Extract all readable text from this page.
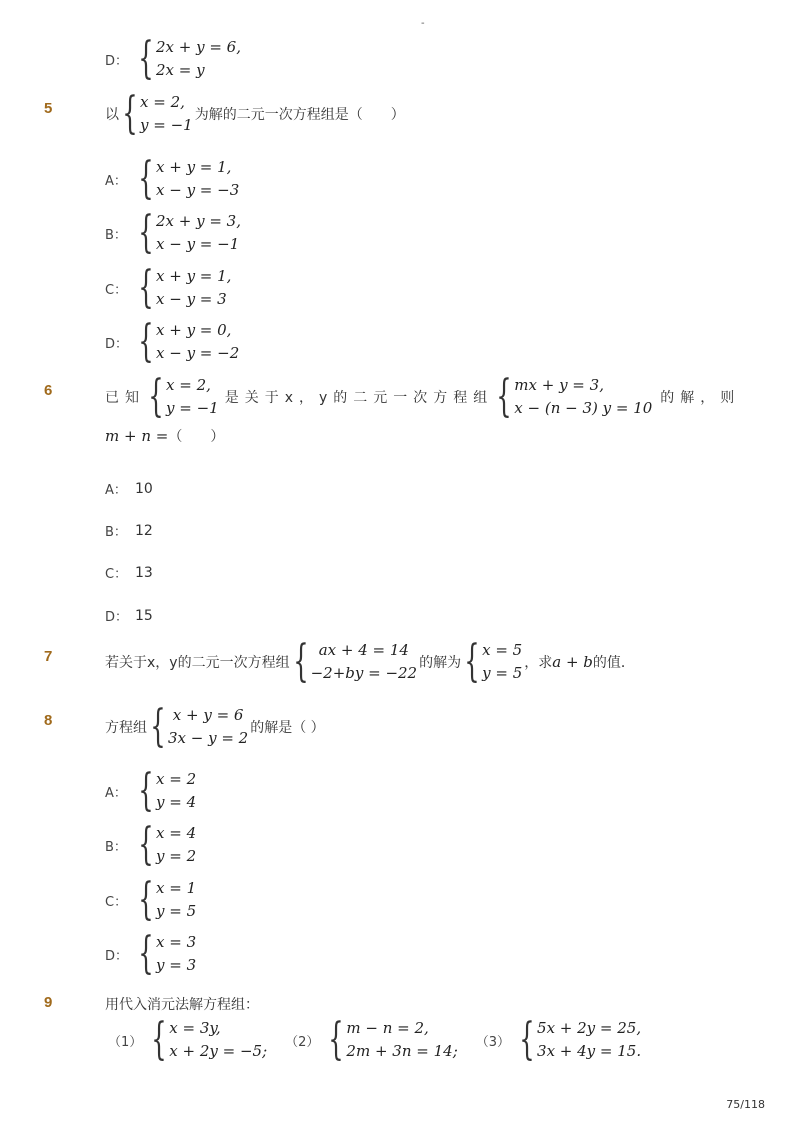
-
D： { 2x + y = 6,
2x = y
5	以 { x = 2,
y = −1
为解的二元一次方程组是（　　）
A： { x + y = 1,
x − y = −3
B： { 2x + y = 3,
x − y = −1
C： { x + y = 1,
x − y = 3
D： { x + y = 0,
x − y = −2
6	已知 { x = 2,
y = −1
是关于x，y的二元一次方程组 { mx + y = 3,
x − (n − 3) y = 10
的解，则
m + n = （　　）
A： 10
B： 12
C： 13
D： 15
7	若关于x，y的二元一次方程组 { ax + 4 = 14
−2+by = −22
的解为 { x = 5
y = 5
，求 a + b 的值．
8	方程组 { x + y = 6
3x − y = 2
的解是（ ）
A： { x = 2
y = 4
B： { x = 4
y = 2
C： { x = 1
y = 5
D： { x = 3
y = 3
9	用代入消元法解方程组：
（1） { x = 3y,
x + 2y = −5; （2） { m − n = 2,
2m + 3n = 14; （3） { 5x + 2y = 25,
3x + 4y = 15.
75/118
